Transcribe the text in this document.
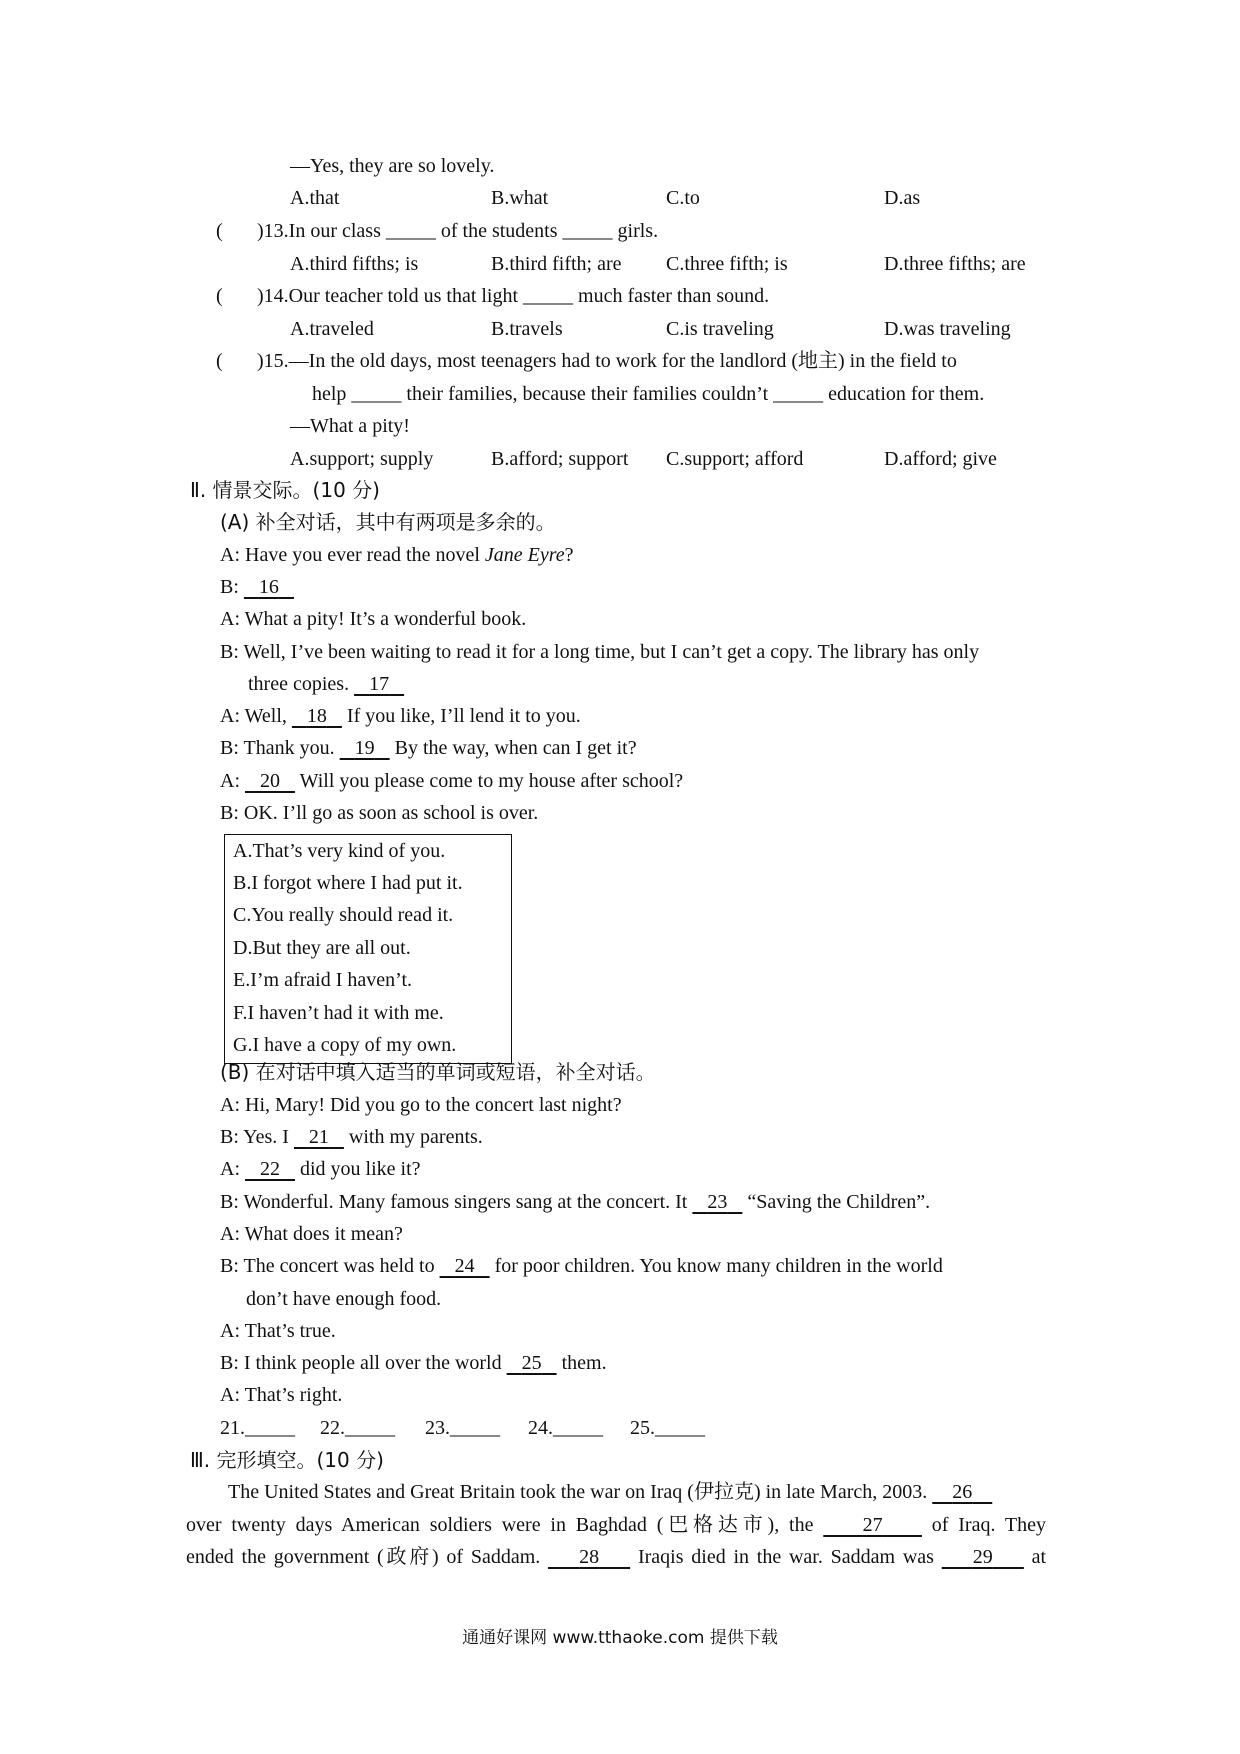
—Yes, they are so lovely.
A.that	B.what	C.to	D.as
( )13.In our class _____ of the students _____ girls.
A.third fifths; is	B.third fifth; are C.three fifth; is	D.three fifths; are
( )14.Our teacher told us that light _____ much faster than sound.
A.traveled	B.travels	C.is traveling	D.was traveling
( )15.—In the old days, most teenagers had to work for the landlord (地主) in the field to
help _____ their families, because their families couldn’t _____ education for them.
—What a pity!
A.support; supply	B.afford; support C.support; afford	D.afford; give
Ⅱ. 情景交际。(10 分)
(A) 补全对话，其中有两项是多余的。
A: Have you ever read the novel Jane Eyre?
B:    16
A: What a pity! It’s a wonderful book.
B: Well, I’ve been waiting to read it for a long time, but I can’t get a copy. The library has only
three copies.    17
A: Well,    18    If you like, I’ll lend it to you.
B: Thank you.    19    By the way, when can I get it?
A:    20    Will you please come to my house after school?
B: OK. I’ll go as soon as school is over.
A.That’s very kind of you.
B.I forgot where I had put it.
C.You really should read it.
D.But they are all out.
E.I’m afraid I haven’t.
F.I haven’t had it with me.
G.I have a copy of my own.
(B) 在对话中填入适当的单词或短语，补全对话。
A: Hi, Mary! Did you go to the concert last night?
B: Yes. I    21    with my parents.
A:    22    did you like it?
B: Wonderful. Many famous singers sang at the concert. It    23    “Saving the Children”.
A: What does it mean?
B: The concert was held to    24    for poor children. You know many children in the world
don’t have enough food.
A: That’s true.
B: I think people all over the world    25    them.
A: That’s right.
21._____ 22._____ 23._____ 24._____ 25._____
Ⅲ. 完形填空。(10 分)
The United States and Great Britain took the war on Iraq (伊拉克) in late March, 2003.     26
over twenty days American soldiers were in Baghdad (巴格达市), the     27     of Iraq. They
ended the government (政府) of Saddam.     28     Iraqis died in the war. Saddam was     29     at
通通好课网 www.tthaoke.com 提供下载
